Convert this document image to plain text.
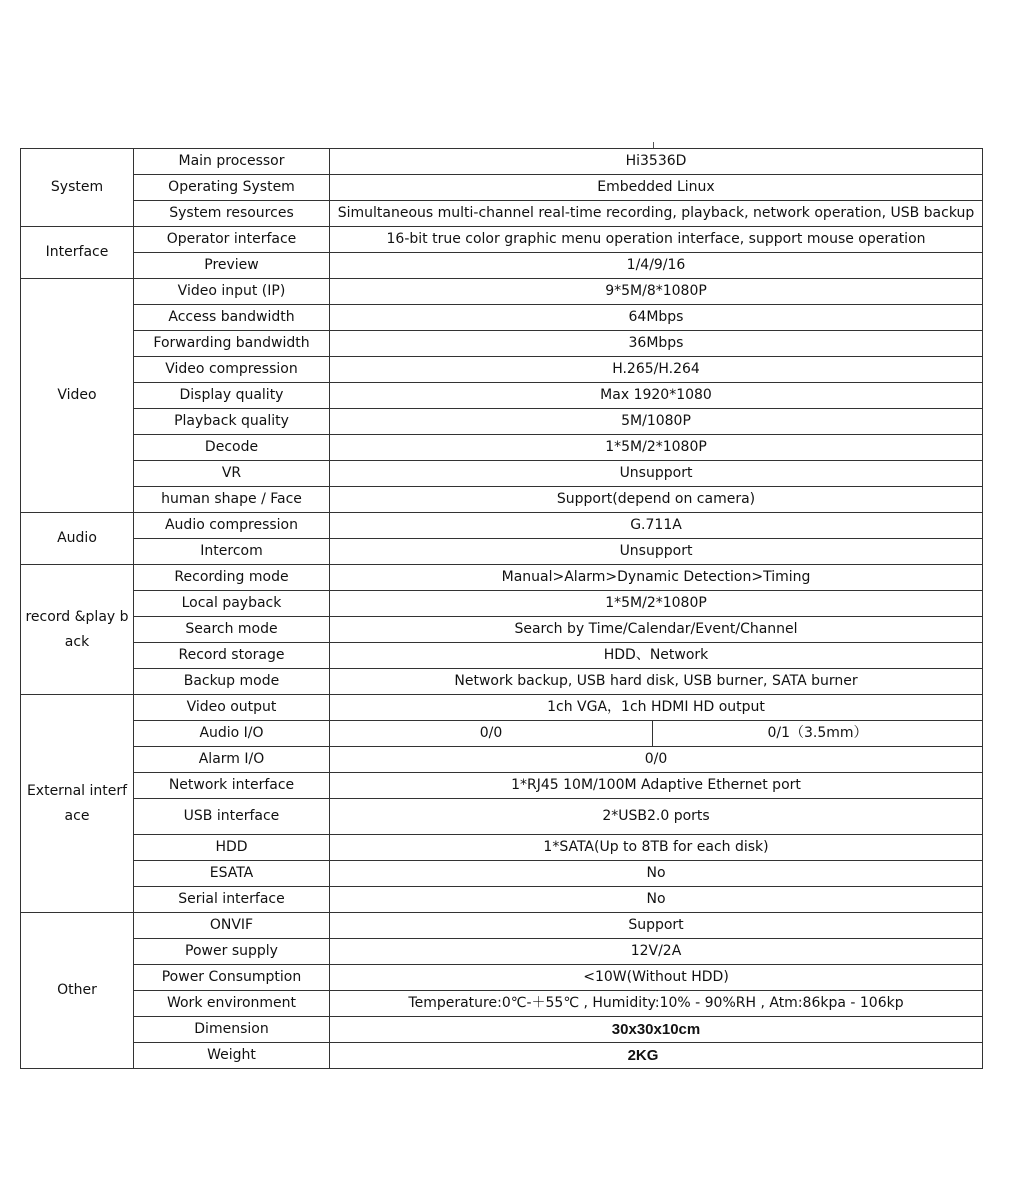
System	Main processor	Hi3536D	
	Operating System	Embedded Linux	
	System resources	Simultaneous multi-channel real-time recording, playback, network operation, USB backup	
Interface	Operator interface	16-bit true color graphic menu operation interface, support mouse operation	
	Preview	1/4/9/16	
Video	Video input (IP)	9*5M/8*1080P	
	Access bandwidth	64Mbps	
	Forwarding bandwidth	36Mbps	
	Video compression	H.265/H.264	
	Display quality	Max 1920*1080	
	Playback quality	5M/1080P	
	Decode	1*5M/2*1080P	
	VR	Unsupport	
	human shape / Face	Support(depend on camera)	
Audio	Audio compression	G.711A	
	Intercom	Unsupport	
record &play back	Recording mode	Manual>Alarm>Dynamic Detection>Timing	
	Local payback	1*5M/2*1080P	
	Search mode	Search by Time/Calendar/Event/Channel	
	Record storage	HDD、Network	
	Backup mode	Network backup, USB hard disk, USB burner, SATA burner	
External interface	Video output	1ch VGA，1ch HDMI HD output	
	Audio I/O	0/0	0/1（3.5mm）
	Alarm I/O	0/0	
	Network interface	1*RJ45 10M/100M Adaptive Ethernet port	
	USB interface	2*USB2.0 ports	
	HDD	1*SATA(Up to 8TB for each disk)	
	ESATA	No	
	Serial interface	No	
Other	ONVIF	Support	
	Power supply	12V/2A	
	Power Consumption	<10W(Without HDD)	
	Work environment	Temperature:0℃-＋55℃ , Humidity:10% - 90%RH , Atm:86kpa - 106kp	
	Dimension	30x30x10cm	
	Weight	2KG	
